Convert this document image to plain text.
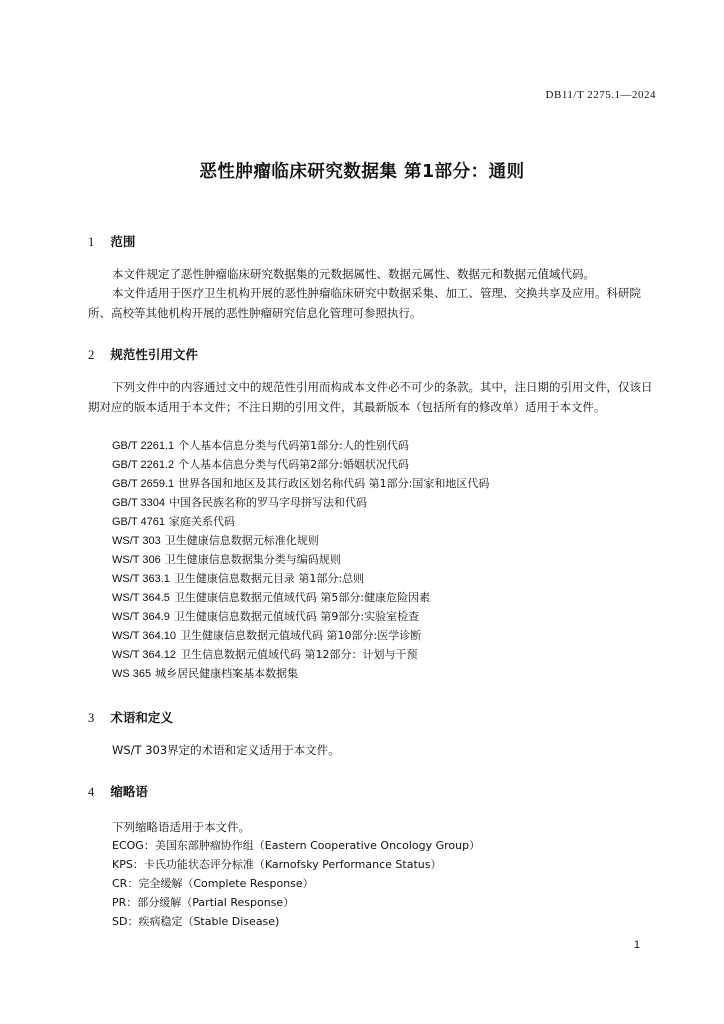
DB11/T 2275.1—2024
恶性肿瘤临床研究数据集 第1部分：通则
1 范围

本文件规定了恶性肿瘤临床研究数据集的元数据属性、数据元属性、数据元和数据元值域代码。

本文件适用于医疗卫生机构开展的恶性肿瘤临床研究中数据采集、加工、管理、交换共享及应用。科研院所、高校等其他机构开展的恶性肿瘤研究信息化管理可参照执行。

2 规范性引用文件

下列文件中的内容通过文中的规范性引用而构成本文件必不可少的条款。其中，注日期的引用文件，仅该日期对应的版本适用于本文件；不注日期的引用文件，其最新版本（包括所有的修改单）适用于本文件。

GB/T 2261.1 个人基本信息分类与代码第1部分:人的性别代码
GB/T 2261.2 个人基本信息分类与代码第2部分:婚姻状况代码
GB/T 2659.1 世界各国和地区及其行政区划名称代码 第1部分:国家和地区代码
GB/T 3304 中国各民族名称的罗马字母拼写法和代码
GB/T 4761 家庭关系代码
WS/T 303 卫生健康信息数据元标准化规则
WS/T 306 卫生健康信息数据集分类与编码规则
WS/T 363.1 卫生健康信息数据元目录 第1部分:总则
WS/T 364.5 卫生健康信息数据元值域代码 第5部分:健康危险因素
WS/T 364.9 卫生健康信息数据元值域代码 第9部分:实验室检查
WS/T 364.10 卫生健康信息数据元值域代码 第10部分:医学诊断
WS/T 364.12 卫生信息数据元值域代码 第12部分：计划与干预
WS 365 城乡居民健康档案基本数据集
3 术语和定义
WS/T 303界定的术语和定义适用于本文件。
4 缩略语
下列缩略语适用于本文件。
ECOG：美国东部肿瘤协作组（Eastern Cooperative Oncology Group）
KPS：卡氏功能状态评分标准（Karnofsky Performance Status）
CR：完全缓解（Complete Response）
PR：部分缓解（Partial Response）
SD：疾病稳定（Stable Disease)
1
